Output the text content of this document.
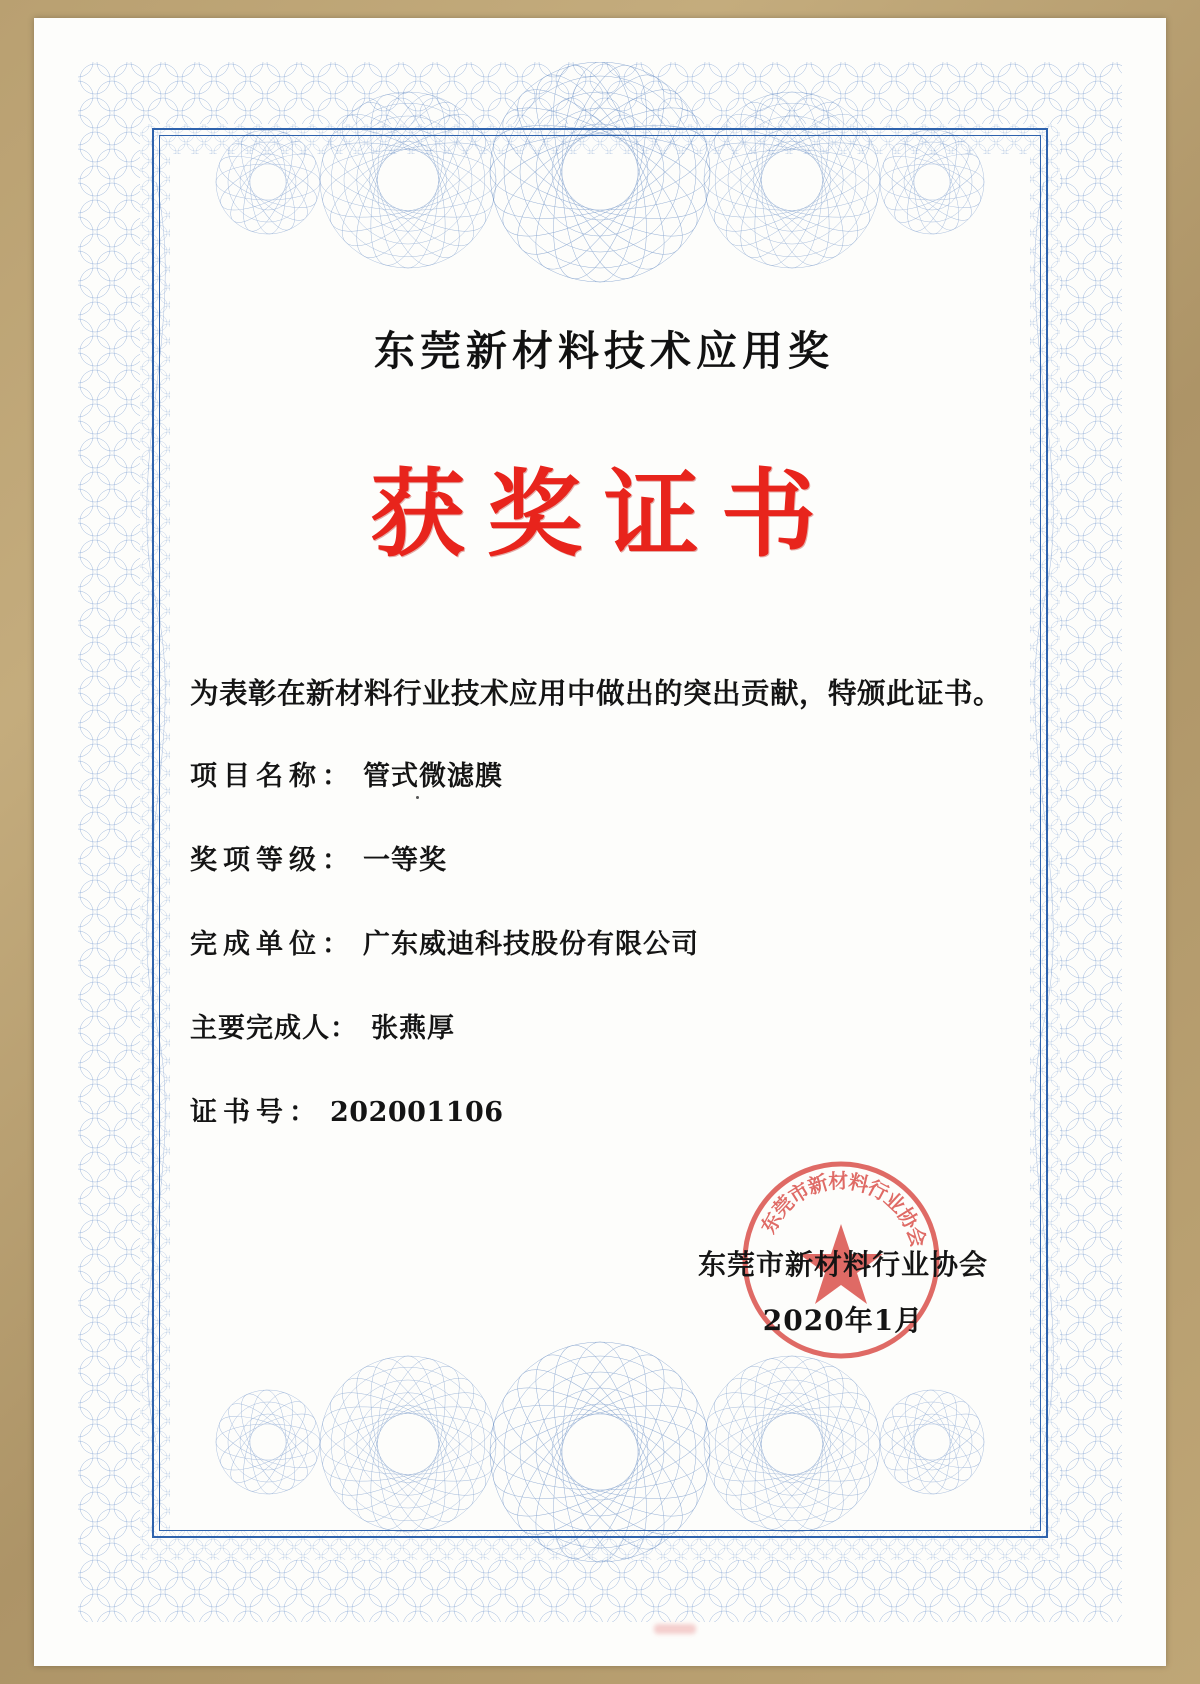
东莞新材料技术应用奖
获奖证书
为表彰在新材料行业技术应用中做出的突出贡献，特颁此证书。
项目名称 ： 管式微滤膜
奖项等级 ： 一等奖
完成单位 ： 广东威迪科技股份有限公司
主要完成人 ： 张燕厚
证书号 ： 202001106
东
莞
市
新
材
料
行
业
协
会
东莞市新材料行业协会
2020年1月
